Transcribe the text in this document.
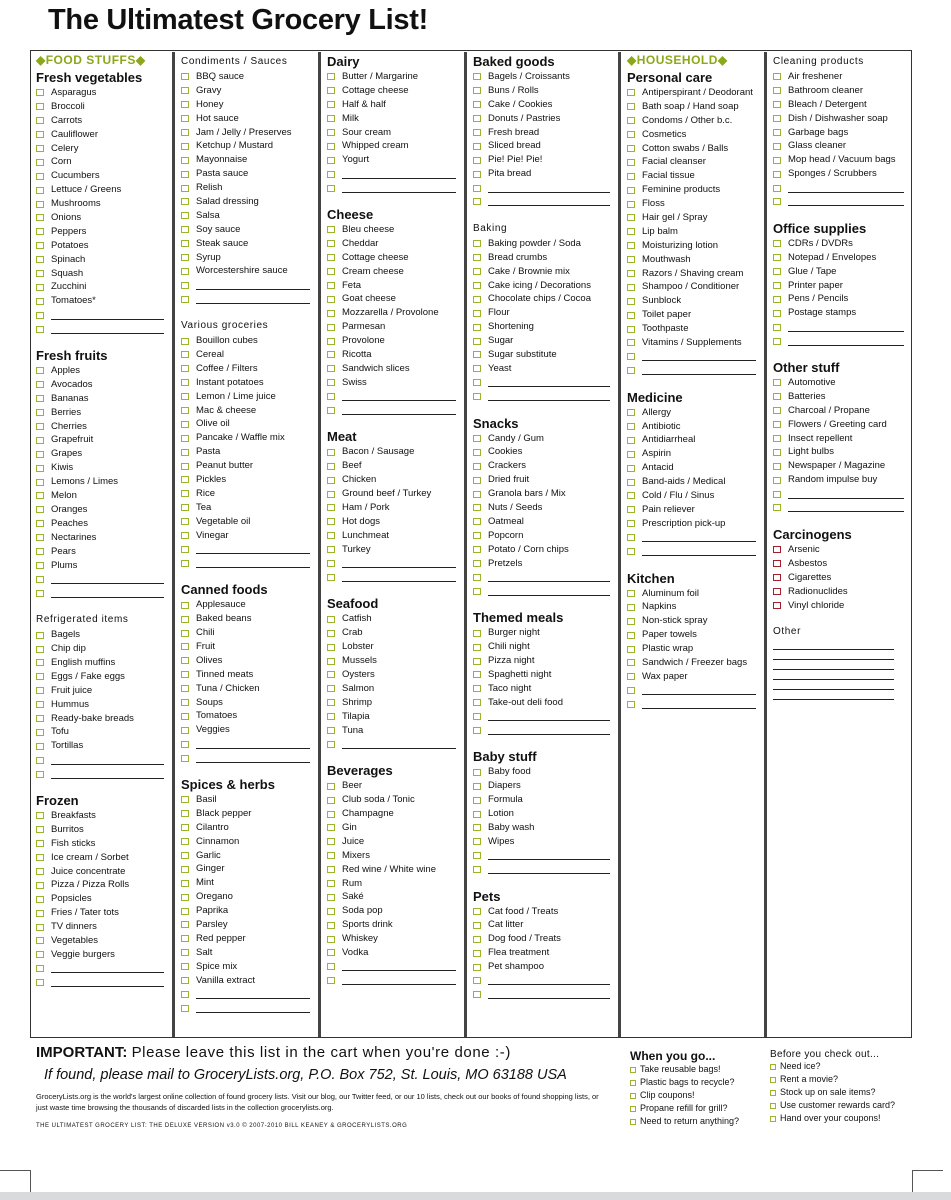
The Ultimatest Grocery List!
◆FOOD STUFFS◆
Fresh vegetables
Asparagus
Broccoli
Carrots
Cauliflower
Celery
Corn
Cucumbers
Lettuce / Greens
Mushrooms
Onions
Peppers
Potatoes
Spinach
Squash
Zucchini
Tomatoes*
Fresh fruits
Apples
Avocados
Bananas
Berries
Cherries
Grapefruit
Grapes
Kiwis
Lemons / Limes
Melon
Oranges
Peaches
Nectarines
Pears
Plums
Refrigerated items
Bagels
Chip dip
English muffins
Eggs / Fake eggs
Fruit juice
Hummus
Ready-bake breads
Tofu
Tortillas
Frozen
Breakfasts
Burritos
Fish sticks
Ice cream / Sorbet
Juice concentrate
Pizza / Pizza Rolls
Popsicles
Fries / Tater tots
TV dinners
Vegetables
Veggie burgers
Condiments / Sauces
BBQ sauce
Gravy
Honey
Hot sauce
Jam / Jelly / Preserves
Ketchup / Mustard
Mayonnaise
Pasta sauce
Relish
Salad dressing
Salsa
Soy sauce
Steak sauce
Syrup
Worcestershire sauce
Various groceries
Bouillon cubes
Cereal
Coffee / Filters
Instant potatoes
Lemon / Lime juice
Mac & cheese
Olive oil
Pancake / Waffle mix
Pasta
Peanut butter
Pickles
Rice
Tea
Vegetable oil
Vinegar
Canned foods
Applesauce
Baked beans
Chili
Fruit
Olives
Tinned meats
Tuna / Chicken
Soups
Tomatoes
Veggies
Spices & herbs
Basil
Black pepper
Cilantro
Cinnamon
Garlic
Ginger
Mint
Oregano
Paprika
Parsley
Red pepper
Salt
Spice mix
Vanilla extract
Dairy
Butter / Margarine
Cottage cheese
Half & half
Milk
Sour cream
Whipped cream
Yogurt
Cheese
Bleu cheese
Cheddar
Cottage cheese
Cream cheese
Feta
Goat cheese
Mozzarella / Provolone
Parmesan
Provolone
Ricotta
Sandwich slices
Swiss
Meat
Bacon / Sausage
Beef
Chicken
Ground beef / Turkey
Ham / Pork
Hot dogs
Lunchmeat
Turkey
Seafood
Catfish
Crab
Lobster
Mussels
Oysters
Salmon
Shrimp
Tilapia
Tuna
Beverages
Beer
Club soda / Tonic
Champagne
Gin
Juice
Mixers
Red wine / White wine
Rum
Saké
Soda pop
Sports drink
Whiskey
Vodka
Baked goods
Bagels / Croissants
Buns / Rolls
Cake / Cookies
Donuts / Pastries
Fresh bread
Sliced bread
Pie! Pie! Pie!
Pita bread
Baking
Baking powder / Soda
Bread crumbs
Cake / Brownie mix
Cake icing / Decorations
Chocolate chips / Cocoa
Flour
Shortening
Sugar
Sugar substitute
Yeast
Snacks
Candy / Gum
Cookies
Crackers
Dried fruit
Granola bars / Mix
Nuts / Seeds
Oatmeal
Popcorn
Potato / Corn chips
Pretzels
Themed meals
Burger night
Chili night
Pizza night
Spaghetti night
Taco night
Take-out deli food
Baby stuff
Baby food
Diapers
Formula
Lotion
Baby wash
Wipes
Pets
Cat food / Treats
Cat litter
Dog food / Treats
Flea treatment
Pet shampoo
◆HOUSEHOLD◆
Personal care
Antiperspirant / Deodorant
Bath soap / Hand soap
Condoms / Other b.c.
Cosmetics
Cotton swabs / Balls
Facial cleanser
Facial tissue
Feminine products
Floss
Hair gel / Spray
Lip balm
Moisturizing lotion
Mouthwash
Razors / Shaving cream
Shampoo / Conditioner
Sunblock
Toilet paper
Toothpaste
Vitamins / Supplements
Medicine
Allergy
Antibiotic
Antidiarrheal
Aspirin
Antacid
Band-aids / Medical
Cold / Flu / Sinus
Pain reliever
Prescription pick-up
Kitchen
Aluminum foil
Napkins
Non-stick spray
Paper towels
Plastic wrap
Sandwich / Freezer bags
Wax paper
Cleaning products
Air freshener
Bathroom cleaner
Bleach / Detergent
Dish / Dishwasher soap
Garbage bags
Glass cleaner
Mop head / Vacuum bags
Sponges / Scrubbers
Office supplies
CDRs / DVDRs
Notepad / Envelopes
Glue / Tape
Printer paper
Pens / Pencils
Postage stamps
Other stuff
Automotive
Batteries
Charcoal / Propane
Flowers / Greeting card
Insect repellent
Light bulbs
Newspaper / Magazine
Random impulse buy
Carcinogens
Arsenic
Asbestos
Cigarettes
Radionuclides
Vinyl chloride
Other
IMPORTANT: Please leave this list in the cart when you're done :-)
If found, please mail to GroceryLists.org, P.O. Box 752, St. Louis, MO 63188 USA
GroceryLists.org is the world's largest online collection of found grocery lists. Visit our blog, our Twitter feed, or our 10 lists, check out our books of found shopping lists, or just waste time browsing the thousands of discarded lists in the collection grocerylists.org.
THE ULTIMATEST GROCERY LIST: THE DELUXE VERSION v3.0 © 2007-2010 BILL KEANEY & GROCERYLISTS.ORG
When you go...
Take reusable bags!
Plastic bags to recycle?
Clip coupons!
Propane refill for grill?
Need to return anything?
Before you check out...
Need ice?
Rent a movie?
Stock up on sale items?
Use customer rewards card?
Hand over your coupons!
